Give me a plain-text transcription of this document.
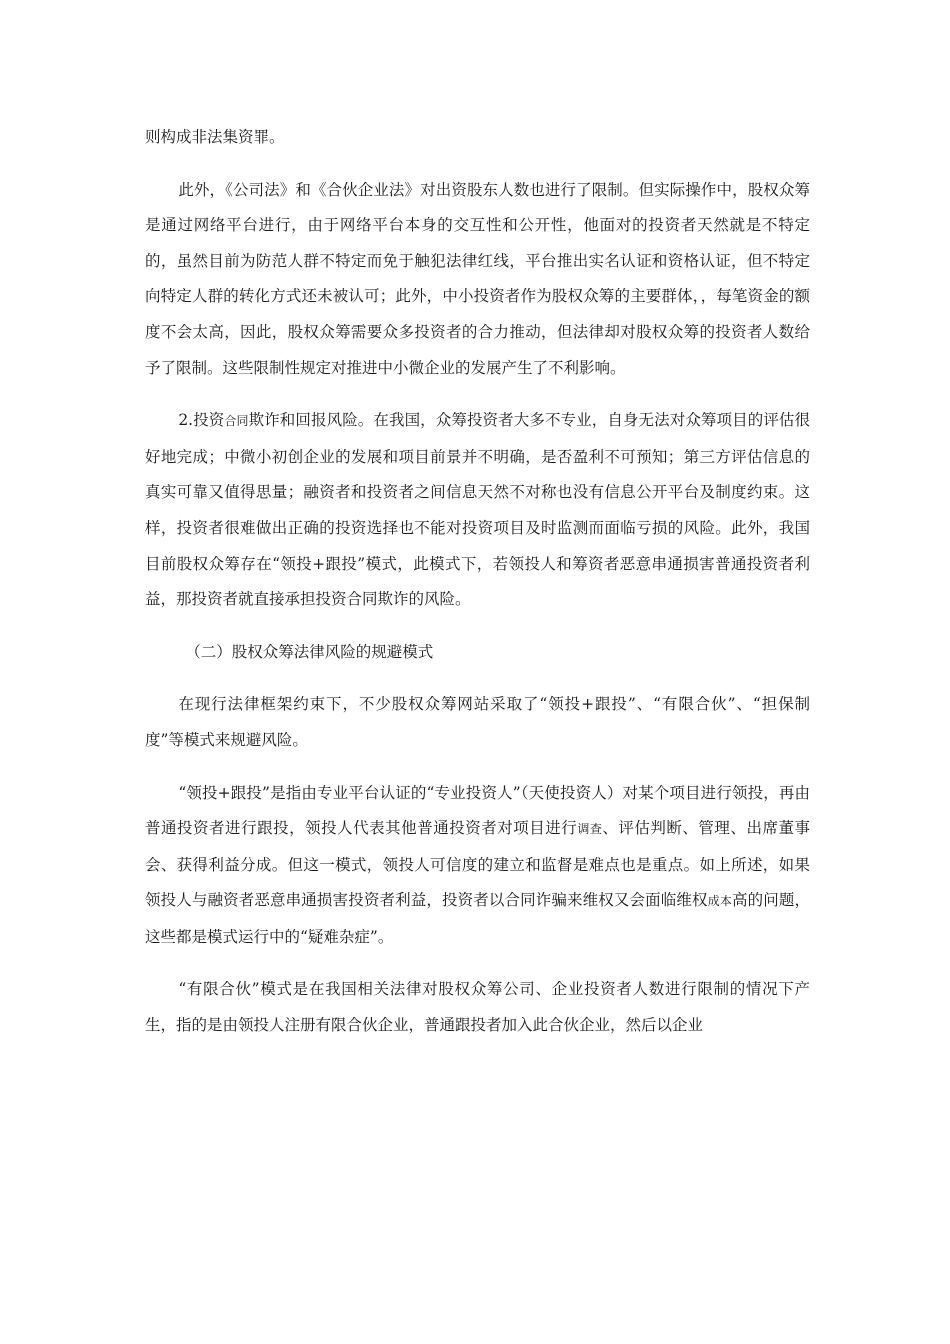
则构成非法集资罪。

此外，《公司法》和《合伙企业法》对出资股东人数也进行了限制。但实际操作中，股权众筹是通过网络平台进行，由于网络平台本身的交互性和公开性，他面对的投资者天然就是不特定的，虽然目前为防范人群不特定而免于触犯法律红线，平台推出实名认证和资格认证，但不特定向特定人群的转化方式还未被认可；此外，中小投资者作为股权众筹的主要群体，，每笔资金的额度不会太高，因此，股权众筹需要众多投资者的合力推动，但法律却对股权众筹的投资者人数给予了限制。这些限制性规定对推进中小微企业的发展产生了不利影响。

2.投资合同欺诈和回报风险。在我国，众筹投资者大多不专业，自身无法对众筹项目的评估很好地完成；中微小初创企业的发展和项目前景并不明确，是否盈利不可预知；第三方评估信息的真实可靠又值得思量；融资者和投资者之间信息天然不对称也没有信息公开平台及制度约束。这样，投资者很难做出正确的投资选择也不能对投资项目及时监测而面临亏损的风险。此外，我国目前股权众筹存在“领投+跟投”模式，此模式下，若领投人和筹资者恶意串通损害普通投资者利益，那投资者就直接承担投资合同欺诈的风险。

（二）股权众筹法律风险的规避模式

在现行法律框架约束下，不少股权众筹网站采取了“领投+跟投”、“有限合伙”、“担保制度”等模式来规避风险。

“领投+跟投”是指由专业平台认证的“专业投资人”（天使投资人）对某个项目进行领投，再由普通投资者进行跟投，领投人代表其他普通投资者对项目进行调查、评估判断、管理、出席董事会、获得利益分成。但这一模式，领投人可信度的建立和监督是难点也是重点。如上所述，如果领投人与融资者恶意串通损害投资者利益，投资者以合同诈骗来维权又会面临维权成本高的问题，这些都是模式运行中的“疑难杂症”。

“有限合伙”模式是在我国相关法律对股权众筹公司、企业投资者人数进行限制的情况下产生，指的是由领投人注册有限合伙企业，普通跟投者加入此合伙企业，然后以企业
